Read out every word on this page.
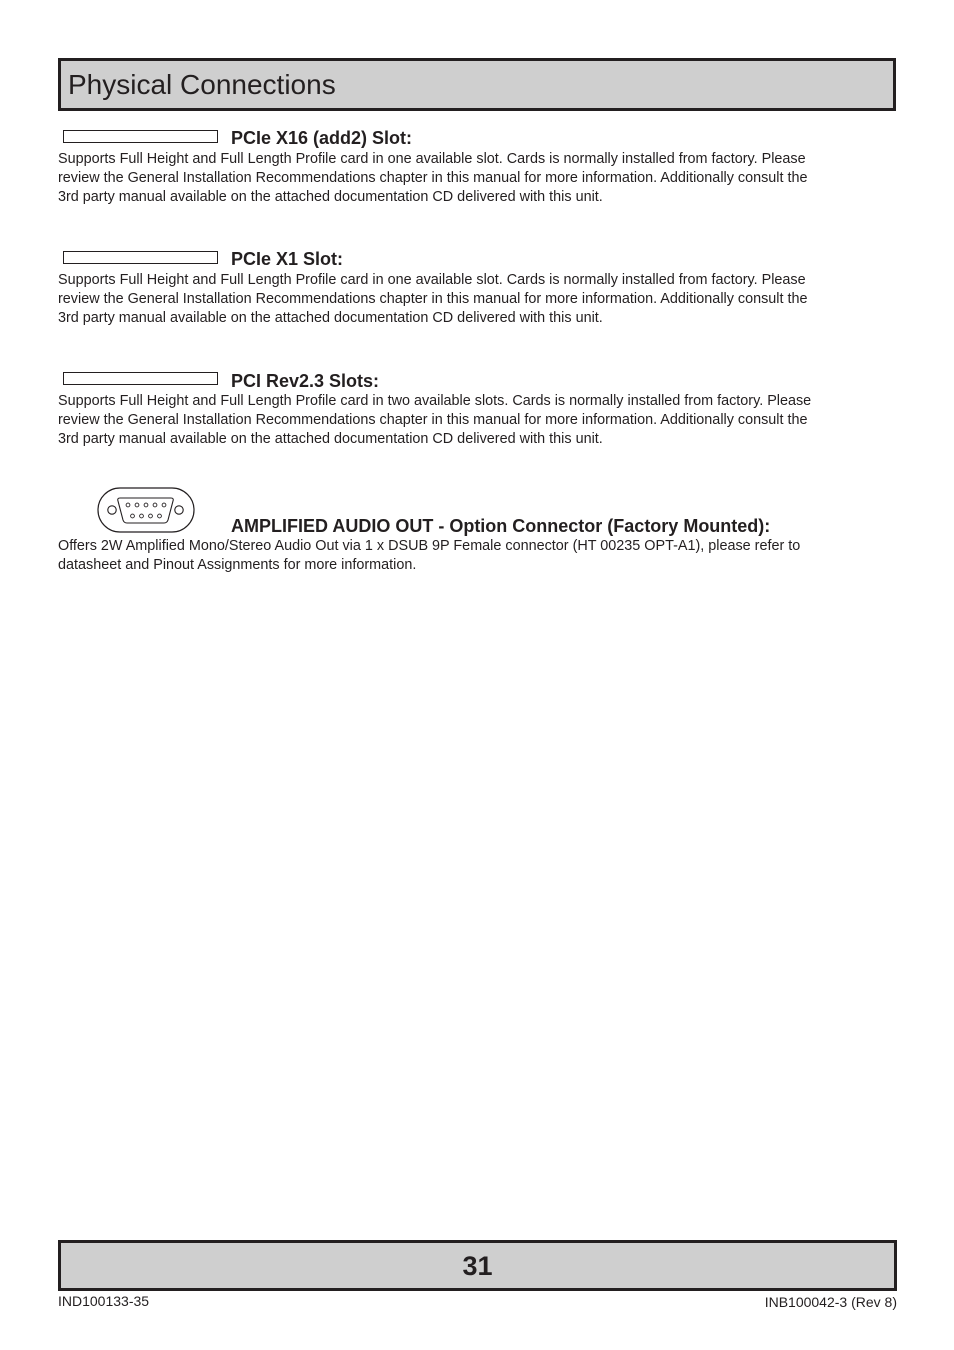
Physical Connections
PCIe X16 (add2) Slot:

Supports Full Height and Full Length Profile card in one available slot. Cards is normally installed from factory. Please
review the General Installation Recommendations chapter in this manual for more information. Additionally consult the
3rd party manual available on the attached documentation CD delivered with this unit.

PCIe X1 Slot:

Supports Full Height and Full Length Profile card in one available slot. Cards is normally installed from factory. Please
review the General Installation Recommendations chapter in this manual for more information. Additionally consult the
3rd party manual available on the attached documentation CD delivered with this unit.

PCI Rev2.3 Slots:

Supports Full Height and Full Length Profile card in two available slots. Cards is normally installed from factory. Please
review the General Installation Recommendations chapter in this manual for more information. Additionally consult the
3rd party manual available on the attached documentation CD delivered with this unit.

AMPLIFIED AUDIO OUT - Option Connector (Factory Mounted):

Offers 2W Amplified Mono/Stereo Audio Out via 1 x DSUB 9P Female connector (HT 00235 OPT-A1), please refer to
datasheet and Pinout Assignments for more information.

31
IND100133-35	INB100042-3 (Rev 8)
